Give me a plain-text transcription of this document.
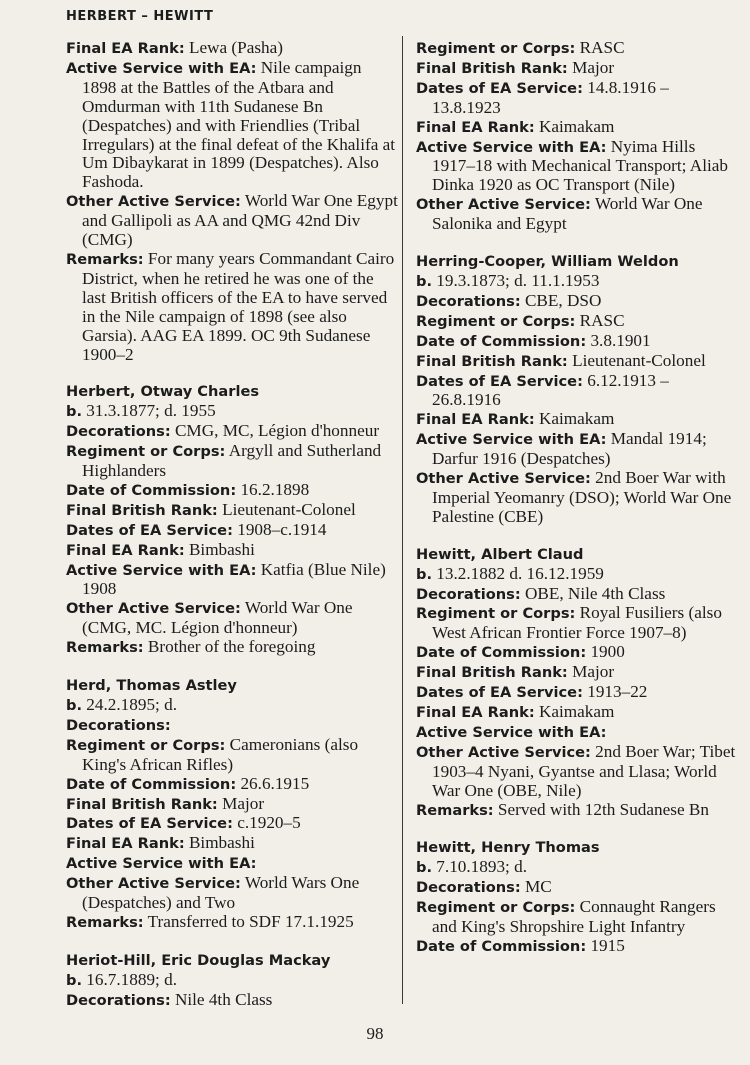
HERBERT – HEWITT
Final EA Rank: Lewa (Pasha)
Active Service with EA: Nile campaign 1898 at the Battles of the Atbara and Omdurman with 11th Sudanese Bn (Despatches) and with Friendlies (Tribal Irregulars) at the final defeat of the Khalifa at Um Dibaykarat in 1899 (Despatches). Also Fashoda.
Other Active Service: World War One Egypt and Gallipoli as AA and QMG 42nd Div (CMG)
Remarks: For many years Commandant Cairo District, when he retired he was one of the last British officers of the EA to have served in the Nile campaign of 1898 (see also Garsia). AAG EA 1899. OC 9th Sudanese 1900–2
Herbert, Otway Charles
b. 31.3.1877; d. 1955
Decorations: CMG, MC, Légion d'honneur
Regiment or Corps: Argyll and Sutherland Highlanders
Date of Commission: 16.2.1898
Final British Rank: Lieutenant-Colonel
Dates of EA Service: 1908–c.1914
Final EA Rank: Bimbashi
Active Service with EA: Katfia (Blue Nile) 1908
Other Active Service: World War One (CMG, MC. Légion d'honneur)
Remarks: Brother of the foregoing
Herd, Thomas Astley
b. 24.2.1895; d.
Decorations:
Regiment or Corps: Cameronians (also King's African Rifles)
Date of Commission: 26.6.1915
Final British Rank: Major
Dates of EA Service: c.1920–5
Final EA Rank: Bimbashi
Active Service with EA:
Other Active Service: World Wars One (Despatches) and Two
Remarks: Transferred to SDF 17.1.1925
Heriot-Hill, Eric Douglas Mackay
b. 16.7.1889; d.
Decorations: Nile 4th Class
Regiment or Corps: RASC
Final British Rank: Major
Dates of EA Service: 14.8.1916 – 13.8.1923
Final EA Rank: Kaimakam
Active Service with EA: Nyima Hills 1917–18 with Mechanical Transport; Aliab Dinka 1920 as OC Transport (Nile)
Other Active Service: World War One Salonika and Egypt
Herring-Cooper, William Weldon
b. 19.3.1873; d. 11.1.1953
Decorations: CBE, DSO
Regiment or Corps: RASC
Date of Commission: 3.8.1901
Final British Rank: Lieutenant-Colonel
Dates of EA Service: 6.12.1913 – 26.8.1916
Final EA Rank: Kaimakam
Active Service with EA: Mandal 1914; Darfur 1916 (Despatches)
Other Active Service: 2nd Boer War with Imperial Yeomanry (DSO); World War One Palestine (CBE)
Hewitt, Albert Claud
b. 13.2.1882 d. 16.12.1959
Decorations: OBE, Nile 4th Class
Regiment or Corps: Royal Fusiliers (also West African Frontier Force 1907–8)
Date of Commission: 1900
Final British Rank: Major
Dates of EA Service: 1913–22
Final EA Rank: Kaimakam
Active Service with EA:
Other Active Service: 2nd Boer War; Tibet 1903–4 Nyani, Gyantse and Llasa; World War One (OBE, Nile)
Remarks: Served with 12th Sudanese Bn
Hewitt, Henry Thomas
b. 7.10.1893; d.
Decorations: MC
Regiment or Corps: Connaught Rangers and King's Shropshire Light Infantry
Date of Commission: 1915
98
